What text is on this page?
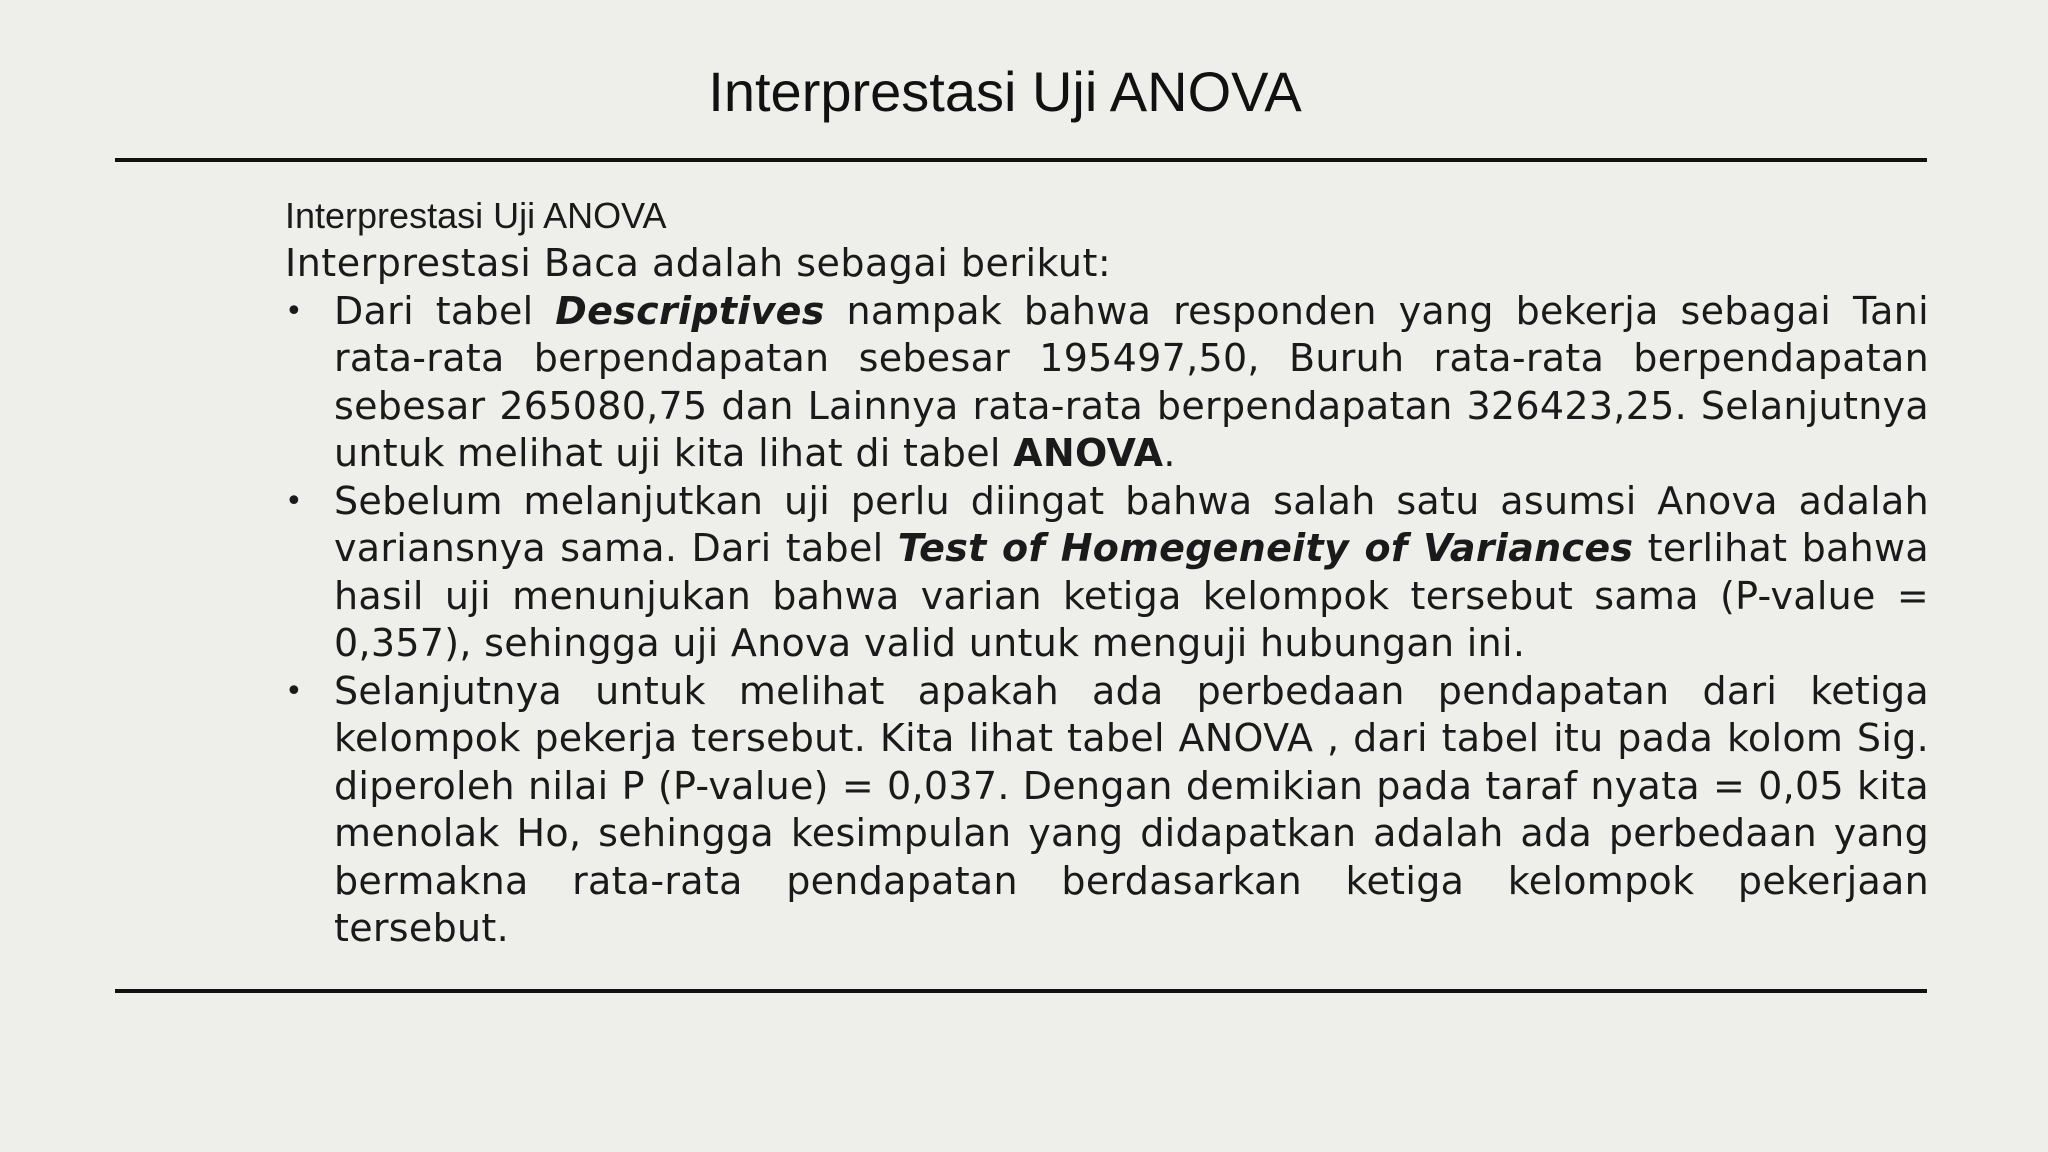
Interprestasi Uji ANOVA

Interprestasi Uji ANOVA

Interprestasi Baca adalah sebagai berikut:

• Dari tabel Descriptives nampak bahwa responden yang bekerja sebagai Tani rata-rata berpendapatan sebesar 195497,50, Buruh rata-rata berpendapatan sebesar 265080,75 dan Lainnya rata-rata berpendapatan 326423,25. Selanjutnya untuk melihat uji kita lihat di tabel ANOVA.
• Sebelum melanjutkan uji perlu diingat bahwa salah satu asumsi Anova adalah variansnya sama. Dari tabel Test of Homegeneity of Variances terlihat bahwa hasil uji menunjukan bahwa varian ketiga kelompok tersebut sama (P-value = 0,357), sehingga uji Anova valid untuk menguji hubungan ini.
• Selanjutnya untuk melihat apakah ada perbedaan pendapatan dari ketiga kelompok pekerja tersebut. Kita lihat tabel ANOVA , dari tabel itu pada kolom Sig. diperoleh nilai P (P-value) = 0,037. Dengan demikian pada taraf nyata = 0,05 kita menolak Ho, sehingga kesimpulan yang didapatkan adalah ada perbedaan yang bermakna rata-rata pendapatan berdasarkan ketiga kelompok pekerjaan tersebut.
